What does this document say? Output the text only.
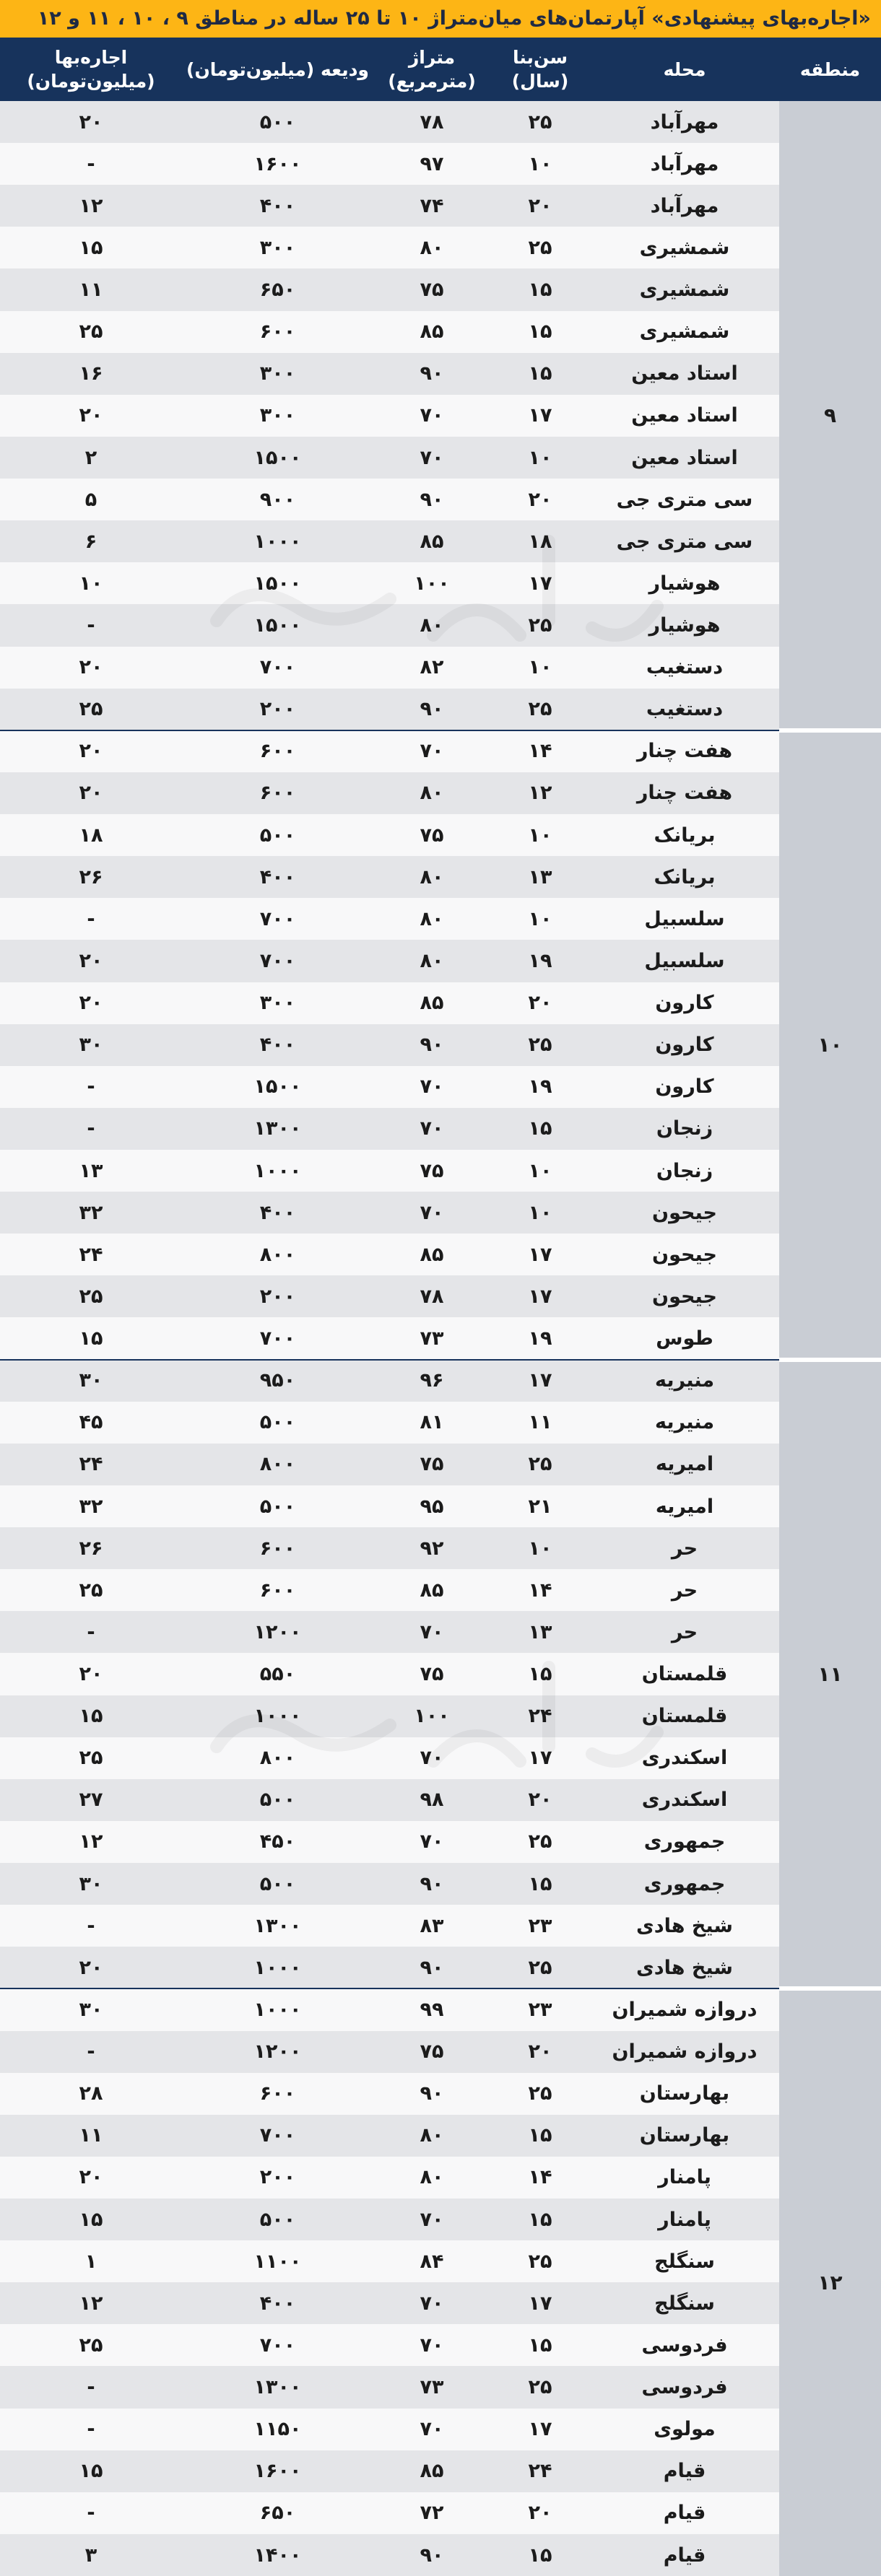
«اجاره‌بهای پیشنهادی» آپارتمان‌های میان‌متراژ ۱۰ تا ۲۵ ساله در مناطق ۹ ، ۱۰ ، ۱۱ و ۱۲
منطقه
محله
سن‌بنا
(سال)
متراژ
(مترمربع)
ودیعه (میلیون‌تومان)
اجاره‌بها (میلیون‌تومان)
مهرآباد
۲۵
۷۸
۵۰۰
۲۰
مهرآباد
۱۰
۹۷
۱۶۰۰
-
مهرآباد
۲۰
۷۴
۴۰۰
۱۲
شمشیری
۲۵
۸۰
۳۰۰
۱۵
شمشیری
۱۵
۷۵
۶۵۰
۱۱
شمشیری
۱۵
۸۵
۶۰۰
۲۵
استاد معین
۱۵
۹۰
۳۰۰
۱۶
استاد معین
۱۷
۷۰
۳۰۰
۲۰
استاد معین
۱۰
۷۰
۱۵۰۰
۲
سی متری جی
۲۰
۹۰
۹۰۰
۵
سی متری جی
۱۸
۸۵
۱۰۰۰
۶
هوشیار
۱۷
۱۰۰
۱۵۰۰
۱۰
هوشیار
۲۵
۸۰
۱۵۰۰
-
دستغیب
۱۰
۸۲
۷۰۰
۲۰
دستغیب
۲۵
۹۰
۲۰۰
۲۵
۹
هفت چنار
۱۴
۷۰
۶۰۰
۲۰
هفت چنار
۱۲
۸۰
۶۰۰
۲۰
بریانک
۱۰
۷۵
۵۰۰
۱۸
بریانک
۱۳
۸۰
۴۰۰
۲۶
سلسبیل
۱۰
۸۰
۷۰۰
-
سلسبیل
۱۹
۸۰
۷۰۰
۲۰
کارون
۲۰
۸۵
۳۰۰
۲۰
کارون
۲۵
۹۰
۴۰۰
۳۰
کارون
۱۹
۷۰
۱۵۰۰
-
زنجان
۱۵
۷۰
۱۳۰۰
-
زنجان
۱۰
۷۵
۱۰۰۰
۱۳
جیحون
۱۰
۷۰
۴۰۰
۳۲
جیحون
۱۷
۸۵
۸۰۰
۲۴
جیحون
۱۷
۷۸
۲۰۰
۲۵
طوس
۱۹
۷۳
۷۰۰
۱۵
۱۰
منیریه
۱۷
۹۶
۹۵۰
۳۰
منیریه
۱۱
۸۱
۵۰۰
۴۵
امیریه
۲۵
۷۵
۸۰۰
۲۴
امیریه
۲۱
۹۵
۵۰۰
۳۲
حر
۱۰
۹۲
۶۰۰
۲۶
حر
۱۴
۸۵
۶۰۰
۲۵
حر
۱۳
۷۰
۱۲۰۰
-
قلمستان
۱۵
۷۵
۵۵۰
۲۰
قلمستان
۲۴
۱۰۰
۱۰۰۰
۱۵
اسکندری
۱۷
۷۰
۸۰۰
۲۵
اسکندری
۲۰
۹۸
۵۰۰
۲۷
جمهوری
۲۵
۷۰
۴۵۰
۱۲
جمهوری
۱۵
۹۰
۵۰۰
۳۰
شیخ هادی
۲۳
۸۳
۱۳۰۰
-
شیخ هادی
۲۵
۹۰
۱۰۰۰
۲۰
۱۱
دروازه شمیران
۲۳
۹۹
۱۰۰۰
۳۰
دروازه شمیران
۲۰
۷۵
۱۲۰۰
-
بهارستان
۲۵
۹۰
۶۰۰
۲۸
بهارستان
۱۵
۸۰
۷۰۰
۱۱
پامنار
۱۴
۸۰
۲۰۰
۲۰
پامنار
۱۵
۷۰
۵۰۰
۱۵
سنگلج
۲۵
۸۴
۱۱۰۰
۱
سنگلج
۱۷
۷۰
۴۰۰
۱۲
فردوسی
۱۵
۷۰
۷۰۰
۲۵
فردوسی
۲۵
۷۳
۱۳۰۰
-
مولوی
۱۷
۷۰
۱۱۵۰
-
قیام
۲۴
۸۵
۱۶۰۰
۱۵
قیام
۲۰
۷۲
۶۵۰
-
قیام
۱۵
۹۰
۱۴۰۰
۳
۱۲
